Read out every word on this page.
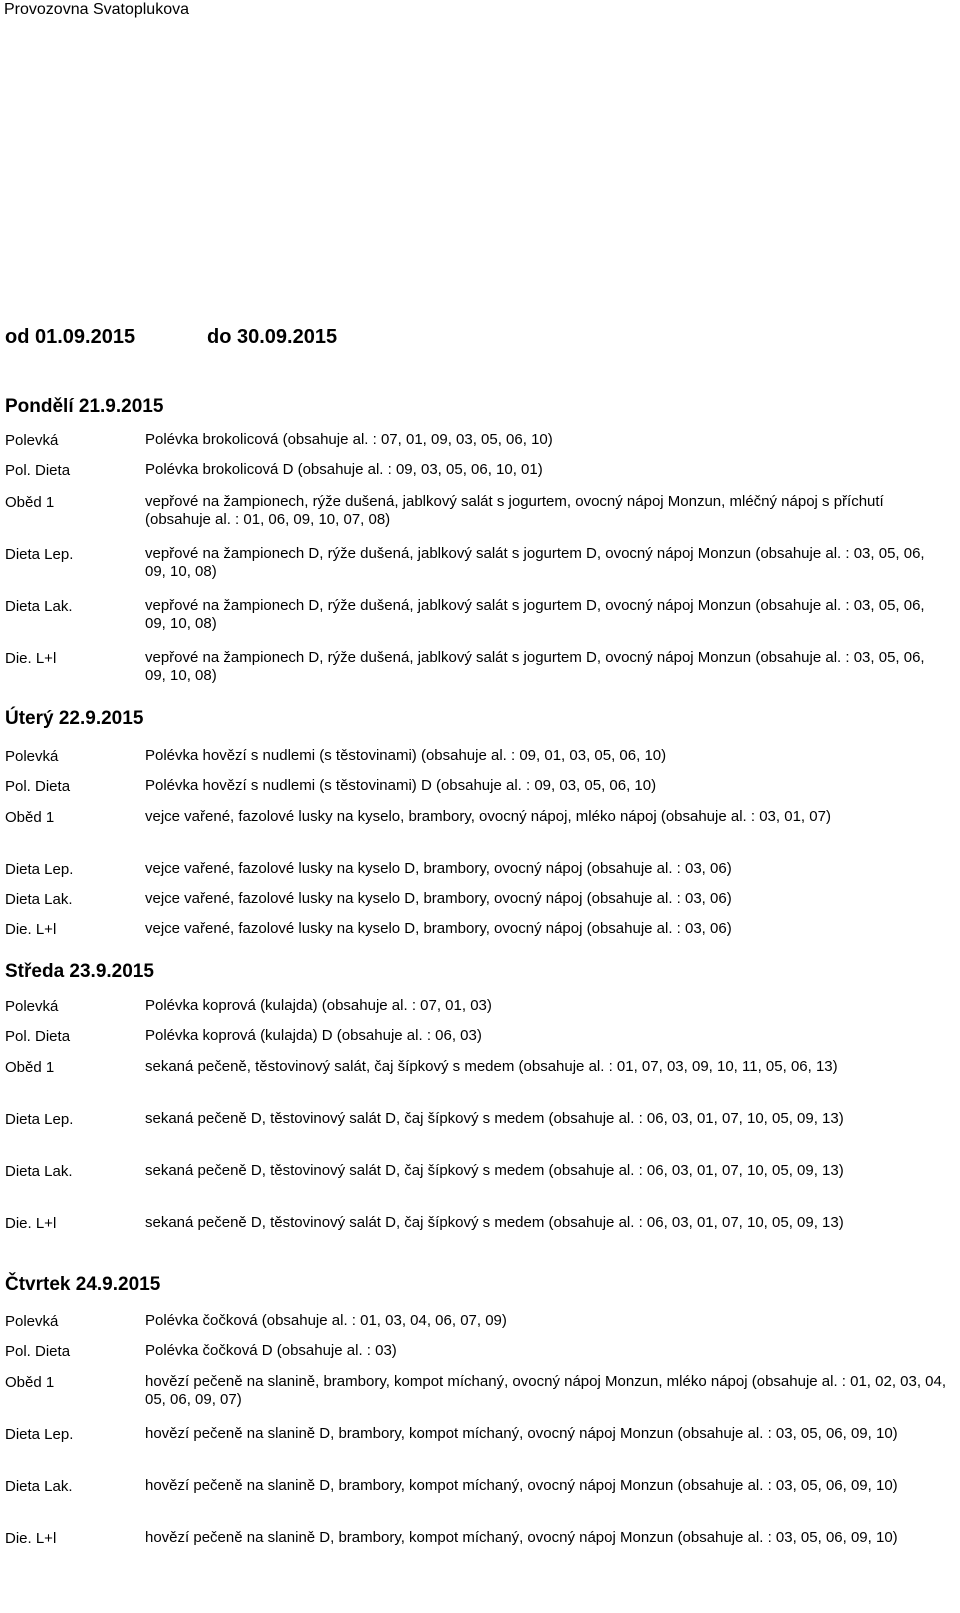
Provozovna Svatoplukova
od 01.09.2015	do 30.09.2015
Pondělí 21.9.2015
Polevká	Polévka brokolicová (obsahuje al. : 07, 01, 09, 03, 05, 06, 10)
Pol. Dieta	Polévka brokolicová D (obsahuje al. : 09, 03, 05, 06, 10, 01)
Oběd 1	vepřové na žampionech, rýže dušená, jablkový salát s jogurtem, ovocný nápoj Monzun, mléčný nápoj s příchutí (obsahuje al. : 01, 06, 09, 10, 07, 08)
Dieta Lep.	vepřové na žampionech D, rýže dušená, jablkový salát s jogurtem D, ovocný nápoj Monzun (obsahuje al. : 03, 05, 06, 09, 10, 08)
Dieta Lak.	vepřové na žampionech D, rýže dušená, jablkový salát s jogurtem D, ovocný nápoj Monzun (obsahuje al. : 03, 05, 06, 09, 10, 08)
Die. L+l	vepřové na žampionech D, rýže dušená, jablkový salát s jogurtem D, ovocný nápoj Monzun (obsahuje al. : 03, 05, 06, 09, 10, 08)
Úterý 22.9.2015
Polevká	Polévka hovězí s nudlemi (s těstovinami) (obsahuje al. : 09, 01, 03, 05, 06, 10)
Pol. Dieta	Polévka hovězí s nudlemi (s těstovinami) D (obsahuje al. : 09, 03, 05, 06, 10)
Oběd 1	vejce vařené, fazolové lusky na kyselo, brambory, ovocný nápoj, mléko nápoj (obsahuje al. : 03, 01, 07)
Dieta Lep.	vejce vařené, fazolové lusky na kyselo D, brambory, ovocný nápoj (obsahuje al. : 03, 06)
Dieta Lak.	vejce vařené, fazolové lusky na kyselo D, brambory, ovocný nápoj (obsahuje al. : 03, 06)
Die. L+l	vejce vařené, fazolové lusky na kyselo D, brambory, ovocný nápoj (obsahuje al. : 03, 06)
Středa 23.9.2015
Polevká	Polévka koprová (kulajda) (obsahuje al. : 07, 01, 03)
Pol. Dieta	Polévka koprová (kulajda) D (obsahuje al. : 06, 03)
Oběd 1	sekaná pečeně, těstovinový salát, čaj šípkový s medem (obsahuje al. : 01, 07, 03, 09, 10, 11, 05, 06, 13)
Dieta Lep.	sekaná pečeně D, těstovinový salát D, čaj šípkový s medem (obsahuje al. : 06, 03, 01, 07, 10, 05, 09, 13)
Dieta Lak.	sekaná pečeně D, těstovinový salát D, čaj šípkový s medem (obsahuje al. : 06, 03, 01, 07, 10, 05, 09, 13)
Die. L+l	sekaná pečeně D, těstovinový salát D, čaj šípkový s medem (obsahuje al. : 06, 03, 01, 07, 10, 05, 09, 13)
Čtvrtek 24.9.2015
Polevká	Polévka čočková (obsahuje al. : 01, 03, 04, 06, 07, 09)
Pol. Dieta	Polévka čočková D (obsahuje al. : 03)
Oběd 1	hovězí pečeně na slanině, brambory, kompot míchaný, ovocný nápoj Monzun, mléko nápoj (obsahuje al. : 01, 02, 03, 04, 05, 06, 09, 07)
Dieta Lep.	hovězí pečeně na slanině D, brambory, kompot míchaný, ovocný nápoj Monzun (obsahuje al. : 03, 05, 06, 09, 10)
Dieta Lak.	hovězí pečeně na slanině D, brambory, kompot míchaný, ovocný nápoj Monzun (obsahuje al. : 03, 05, 06, 09, 10)
Die. L+l	hovězí pečeně na slanině D, brambory, kompot míchaný, ovocný nápoj Monzun (obsahuje al. : 03, 05, 06, 09, 10)
